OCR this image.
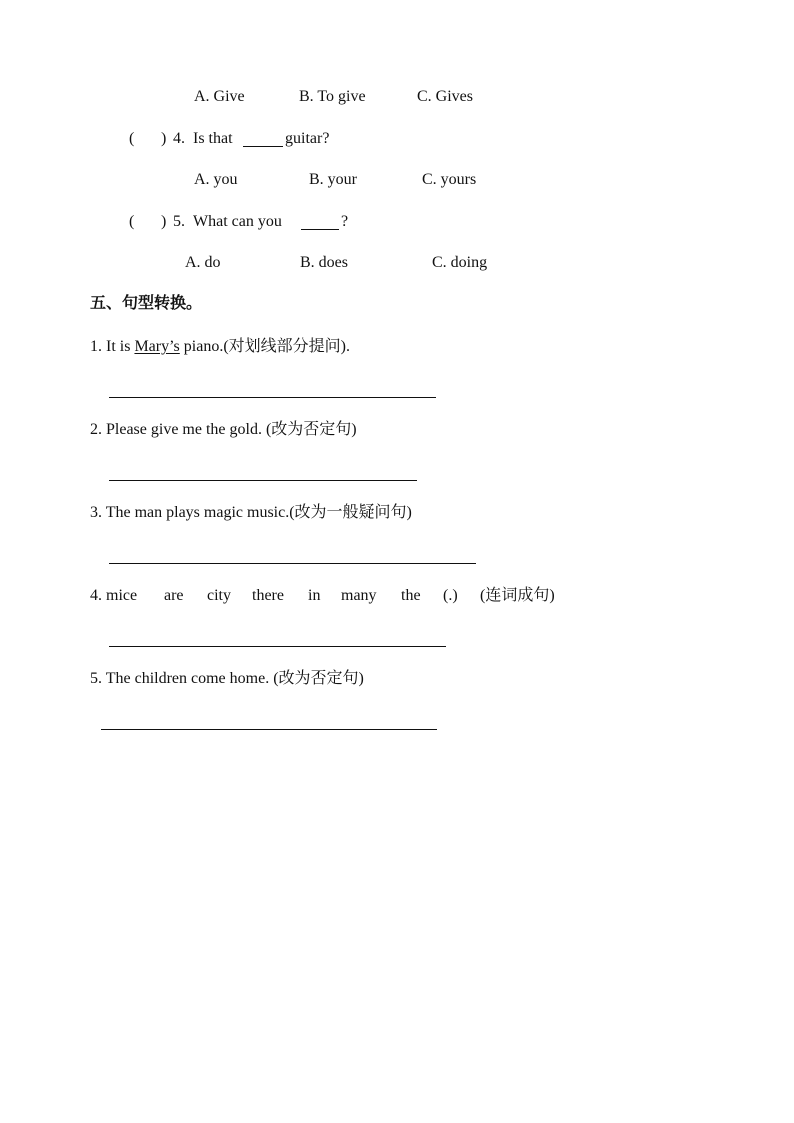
A. Give	B. To give	C. Gives
( ) 4. Is that	guitar?
A. you	B. your	C. yours
( ) 5. What can you	?
A. do	B. does	C. doing
五、句型转换。
1. It is Mary’s piano.(对划线部分提问).
2. Please give me the gold. (改为否定句)
3. The man plays magic music.(改为一般疑问句)
4. mice are city there in many the (.) (连词成句)
5. The children come home. (改为否定句)
